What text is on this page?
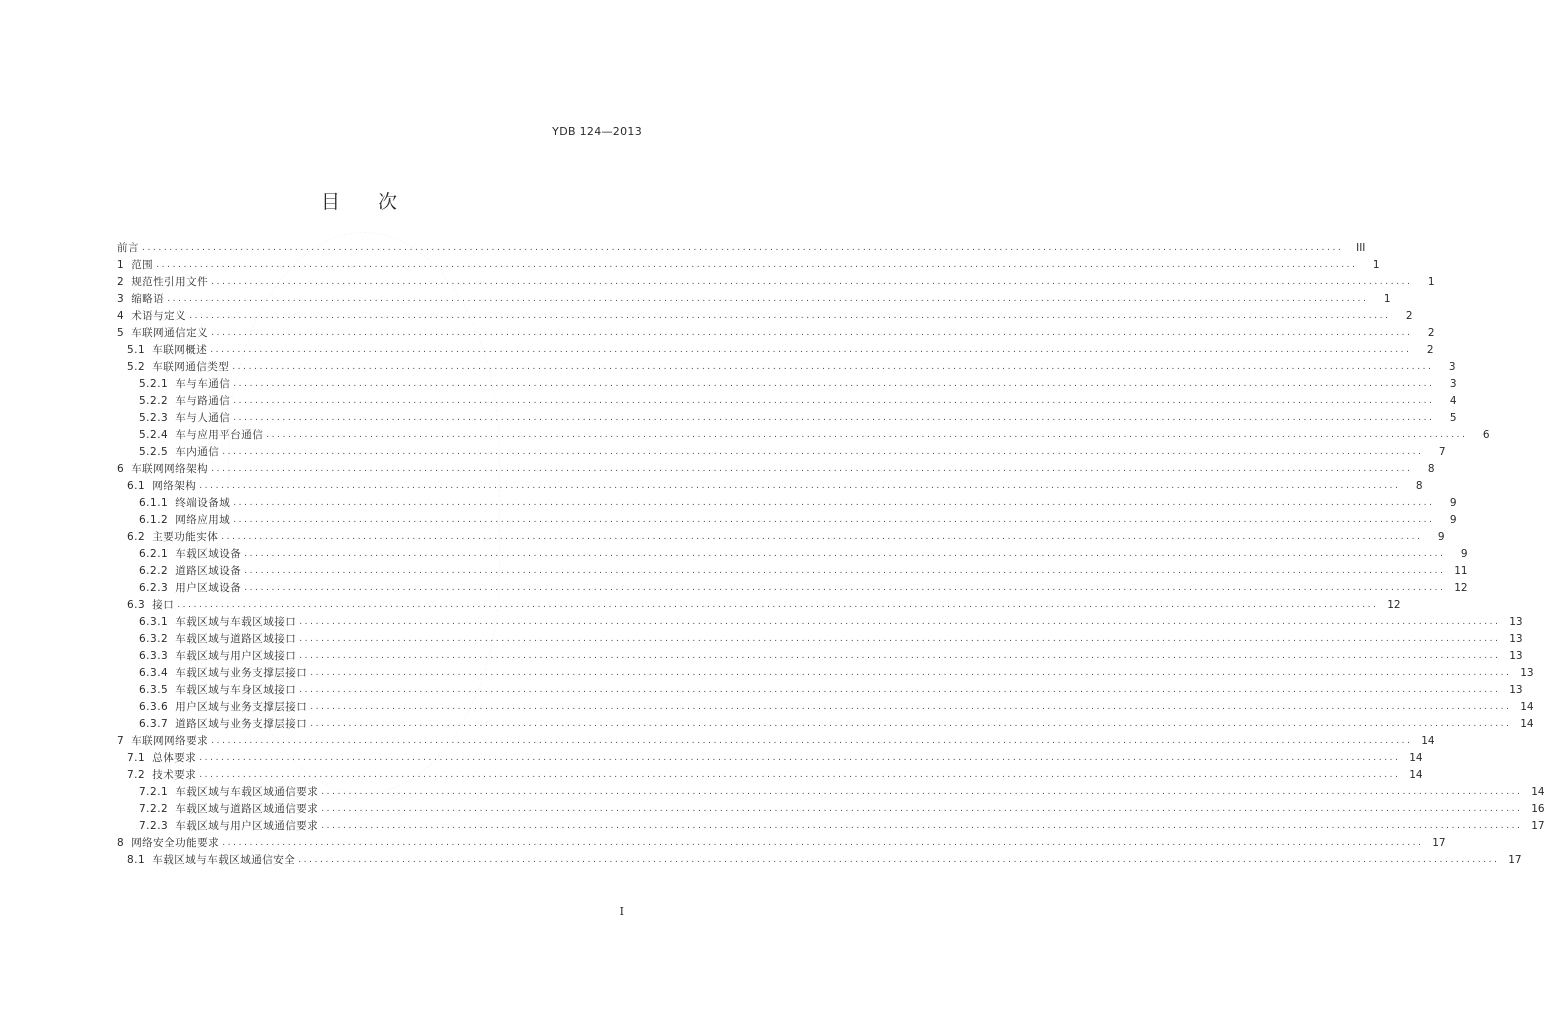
YDB 124—2013
目 次
前言 ............................................................................................................................................................................................................................	III
1 范围 ............................................................................................................................................................................................................................	1
2 规范性引用文件 ............................................................................................................................................................................................................................	1
3 缩略语 ............................................................................................................................................................................................................................	1
4 术语与定义 ............................................................................................................................................................................................................................	2
5 车联网通信定义 ............................................................................................................................................................................................................................	2
5.1 车联网概述 ............................................................................................................................................................................................................................	2
5.2 车联网通信类型 ............................................................................................................................................................................................................................	3
5.2.1 车与车通信 ............................................................................................................................................................................................................................	3
5.2.2 车与路通信 ............................................................................................................................................................................................................................	4
5.2.3 车与人通信 ............................................................................................................................................................................................................................	5
5.2.4 车与应用平台通信 ............................................................................................................................................................................................................................	6
5.2.5 车内通信 ............................................................................................................................................................................................................................	7
6 车联网网络架构 ............................................................................................................................................................................................................................	8
6.1 网络架构 ............................................................................................................................................................................................................................	8
6.1.1 终端设备域 ............................................................................................................................................................................................................................	9
6.1.2 网络应用域 ............................................................................................................................................................................................................................	9
6.2 主要功能实体 ............................................................................................................................................................................................................................	9
6.2.1 车载区域设备 ............................................................................................................................................................................................................................	9
6.2.2 道路区域设备 ............................................................................................................................................................................................................................ 11
6.2.3 用户区域设备 ............................................................................................................................................................................................................................ 12
6.3 接口 ............................................................................................................................................................................................................................ 12
6.3.1 车载区域与车载区域接口 ............................................................................................................................................................................................................................ 13
6.3.2 车载区域与道路区域接口 ............................................................................................................................................................................................................................ 13
6.3.3 车载区域与用户区域接口 ............................................................................................................................................................................................................................ 13
6.3.4 车载区域与业务支撑层接口 ............................................................................................................................................................................................................................ 13
6.3.5 车载区域与车身区域接口 ............................................................................................................................................................................................................................ 13
6.3.6 用户区域与业务支撑层接口 ............................................................................................................................................................................................................................ 14
6.3.7 道路区域与业务支撑层接口 ............................................................................................................................................................................................................................ 14
7 车联网网络要求 ............................................................................................................................................................................................................................ 14
7.1 总体要求 ............................................................................................................................................................................................................................ 14
7.2 技术要求 ............................................................................................................................................................................................................................ 14
7.2.1 车载区域与车载区域通信要求 ............................................................................................................................................................................................................................ 14
7.2.2 车载区域与道路区域通信要求 ............................................................................................................................................................................................................................ 16
7.2.3 车载区域与用户区域通信要求 ............................................................................................................................................................................................................................ 17
8 网络安全功能要求 ............................................................................................................................................................................................................................ 17
8.1 车载区域与车载区域通信安全 ............................................................................................................................................................................................................................ 17
I
